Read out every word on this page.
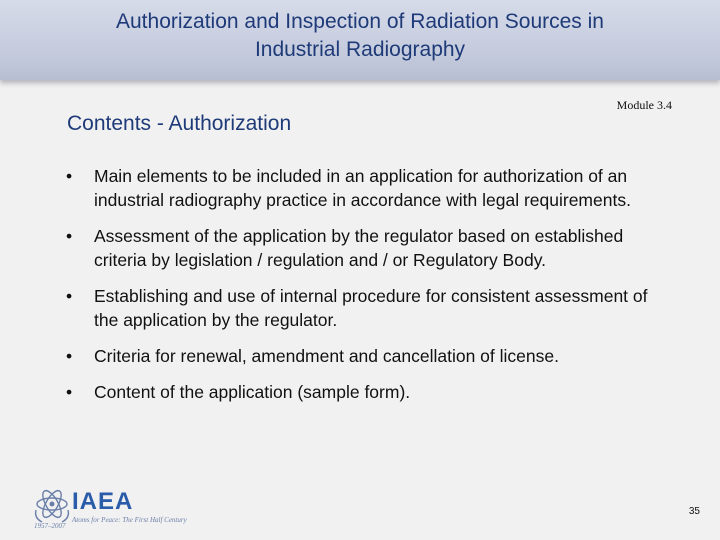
Authorization and Inspection of Radiation Sources in
Industrial Radiography
Module 3.4
Contents - Authorization
• Main elements to be included in an application for authorization of an industrial radiography practice in accordance with legal requirements.
• Assessment of the application by the regulator based on established criteria by legislation / regulation and / or Regulatory Body.
• Establishing and use of internal procedure for consistent assessment of the application by the regulator.
• Criteria for renewal, amendment and cancellation of license.
• Content of the application (sample form).
IAEA
Atoms for Peace: The First Half Century
1957–2007
35
